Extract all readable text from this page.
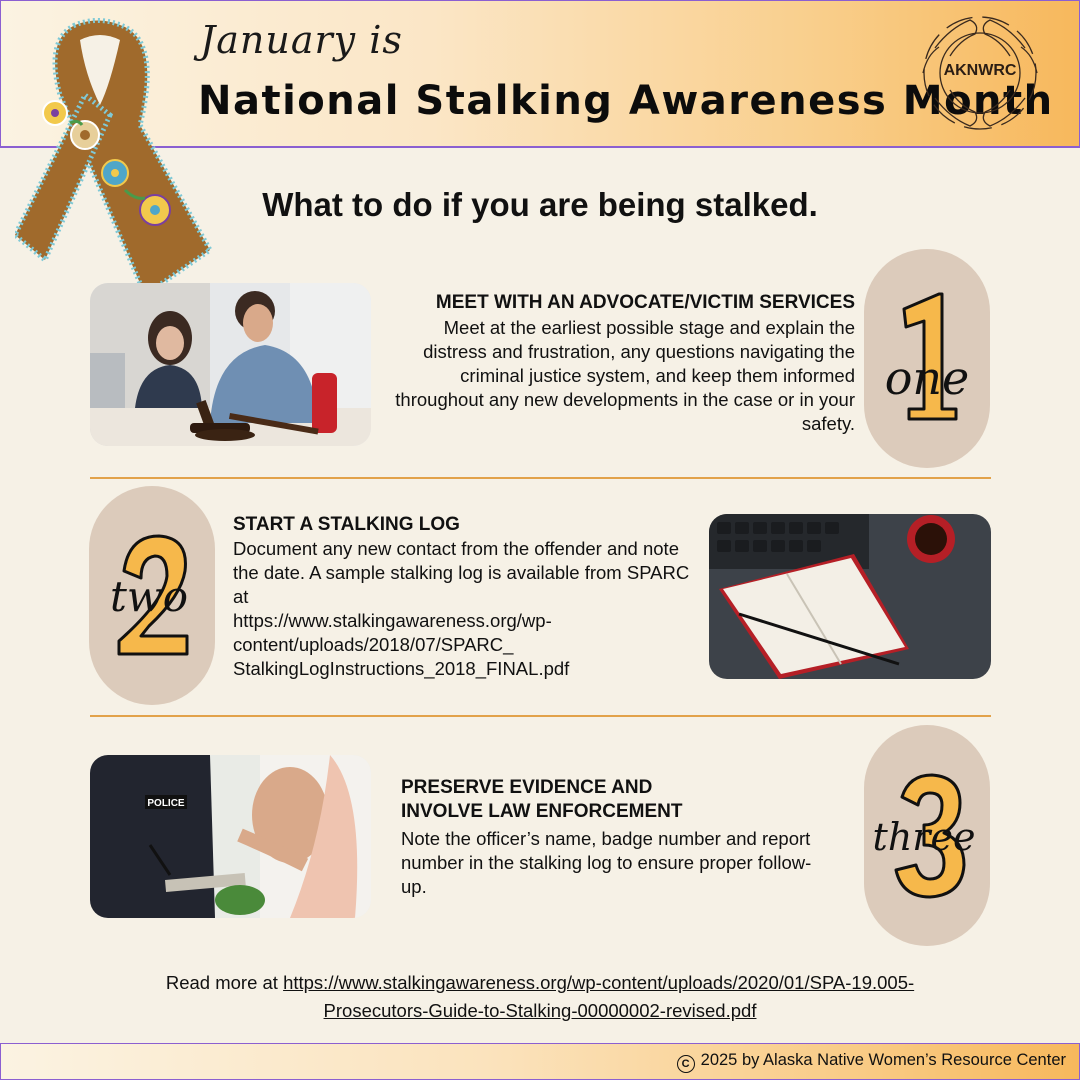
January is
National Stalking Awareness Month
AKNWRC
What to do if you are being stalked.
one
MEET WITH AN ADVOCATE/VICTIM SERVICES
Meet at the earliest possible stage and explain the distress and frustration, any questions navigating the criminal justice system, and keep them informed throughout any new developments in the case or in your safety.
two
START A STALKING LOG
Document any new contact from the offender and note the date. A sample stalking log is available from SPARC at
https://www.stalkingawareness.org/wp-
content/uploads/2018/07/SPARC_
StalkingLogInstructions_2018_FINAL.pdf
POLICE
PRESERVE EVIDENCE AND
INVOLVE LAW ENFORCEMENT
Note the officer’s name, badge number and report number in the stalking log to ensure proper follow-up.
three
Read more at https://www.stalkingawareness.org/wp-content/uploads/2020/01/SPA-19.005-
Prosecutors-Guide-to-Stalking-00000002-revised.pdf
C 2025 by Alaska Native Women’s Resource Center
